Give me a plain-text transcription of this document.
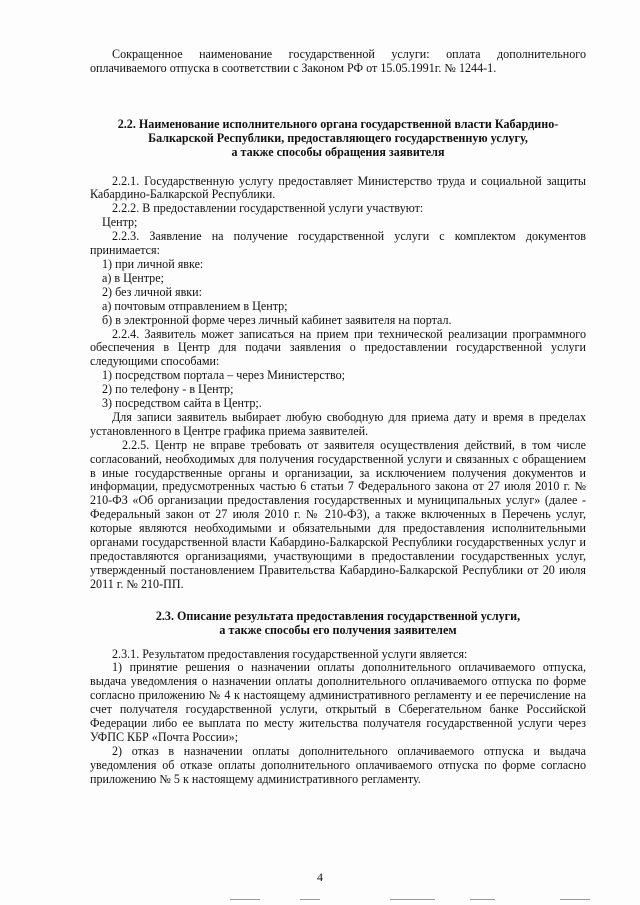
Сокращенное наименование государственной услуги: оплата дополнительного оплачиваемого отпуска в соответствии с Законом РФ от 15.05.1991г. № 1244-1.

2.2. Наименование исполнительного органа государственной власти Кабардино-

Балкарской Республики, предоставляющего государственную услугу,

а также способы обращения заявителя

2.2.1. Государственную услугу предоставляет Министерство труда и социальной защиты Кабардино-Балкарской Республики.

2.2.2. В предоставлении государственной услуги участвуют:

Центр;

2.2.3. Заявление на получение государственной услуги с комплектом документов принимается:

1) при личной явке:

а) в Центре;

2) без личной явки:

а) почтовым отправлением в Центр;

б) в электронной форме через личный кабинет заявителя на портал.

2.2.4. Заявитель может записаться на прием при технической реализации программного обеспечения в Центр для подачи заявления о предоставлении государственной услуги следующими способами:

1) посредством портала – через Министерство;

2) по телефону - в Центр;

3) посредством сайта в Центр;.

Для записи заявитель выбирает любую свободную для приема дату и время в пределах установленного в Центре графика приема заявителей.

2.2.5. Центр не вправе требовать от заявителя осуществления действий, в том числе согласований, необходимых для получения государственной услуги и связанных с обращением в иные государственные органы и организации, за исключением получения документов и информации, предусмотренных частью 6 статьи 7 Федерального закона от 27 июля 2010 г. № 210-ФЗ «Об организации предоставления государственных и муниципальных услуг» (далее - Федеральный закон от 27 июля 2010 г. № 210-ФЗ), а также включенных в Перечень услуг, которые являются необходимыми и обязательными для предоставления исполнительными органами государственной власти Кабардино-Балкарской Республики государственных услуг и предоставляются организациями, участвующими в предоставлении государственных услуг, утвержденный постановлением Правительства Кабардино-Балкарской Республики от 20 июля 2011 г. № 210-ПП.

2.3. Описание результата предоставления государственной услуги,

а также способы его получения заявителем

2.3.1. Результатом предоставления государственной услуги является:

1) принятие решения о назначении оплаты дополнительного оплачиваемого отпуска, выдача уведомления о назначении оплаты дополнительного оплачиваемого отпуска по форме согласно приложению № 4 к настоящему административного регламенту и ее перечисление на счет получателя государственной услуги, открытый в Сберегательном банке Российской Федерации либо ее выплата по месту жительства получателя государственной услуги через УФПС КБР «Почта России»;

2) отказ в назначении оплаты дополнительного оплачиваемого отпуска и выдача уведомления об отказе оплаты дополнительного оплачиваемого отпуска по форме согласно приложению № 5 к настоящему административного регламенту.

4
